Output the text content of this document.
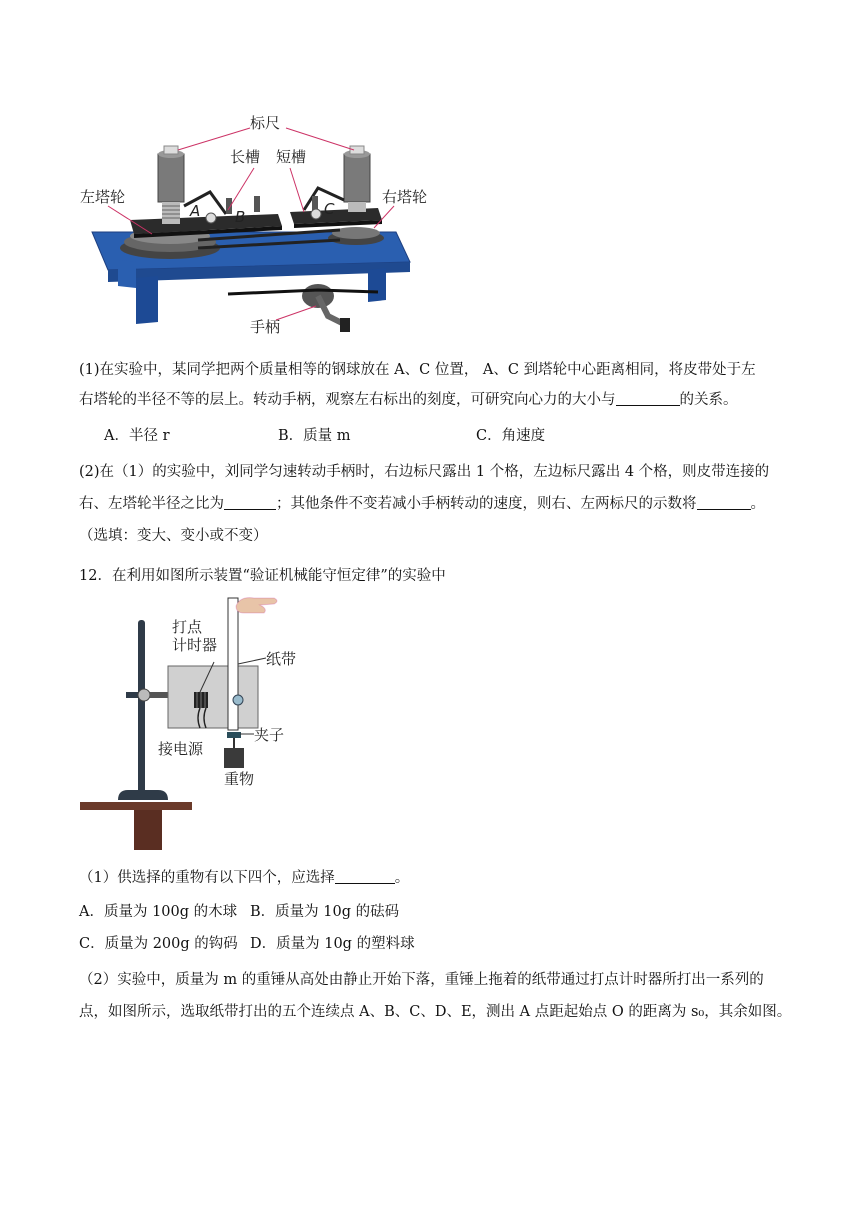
标尺
长槽 短槽
左塔轮	右塔轮
A B	C
手柄
(1)在实验中，某同学把两个质量相等的钢球放在 A、C 位置， A、C 到塔轮中心距离相同，将皮带处于左
右塔轮的半径不等的层上。转动手柄，观察左右标出的刻度，可研究向心力的大小与	的关系。
A．半径 r	B．质量 m	C．角速度
(2)在（1）的实验中，刘同学匀速转动手柄时，右边标尺露出 1 个格，左边标尺露出 4 个格，则皮带连接的
右、左塔轮半径之比为	；其他条件不变若减小手柄转动的速度，则右、左两标尺的示数将	。
（选填：变大、变小或不变）
12．在利用如图所示装置“验证机械能守恒定律”的实验中
打点
计时器
纸带
夹子
接电源
重物
（1）供选择的重物有以下四个，应选择	。
A．质量为 100g 的木球 B．质量为 10g 的砝码
C．质量为 200g 的钩码 D．质量为 10g 的塑料球
（2）实验中，质量为 m 的重锤从高处由静止开始下落，重锤上拖着的纸带通过打点计时器所打出一系列的
点，如图所示，选取纸带打出的五个连续点 A、B、C、D、E，测出 A 点距起始点 O 的距离为 s₀，其余如图。
